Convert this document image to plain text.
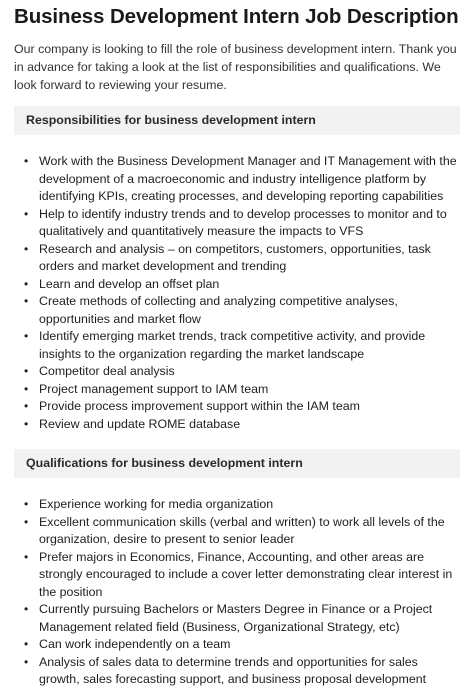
Business Development Intern Job Description

Our company is looking to fill the role of business development intern. Thank you in advance for taking a look at the list of responsibilities and qualifications. We look forward to reviewing your resume.

Responsibilities for business development intern
• Work with the Business Development Manager and IT Management with the development of a macroeconomic and industry intelligence platform by identifying KPIs, creating processes, and developing reporting capabilities
• Help to identify industry trends and to develop processes to monitor and to qualitatively and quantitatively measure the impacts to VFS
• Research and analysis – on competitors, customers, opportunities, task orders and market development and trending
• Learn and develop an offset plan
• Create methods of collecting and analyzing competitive analyses, opportunities and market flow
• Identify emerging market trends, track competitive activity, and provide insights to the organization regarding the market landscape
• Competitor deal analysis
• Project management support to IAM team
• Provide process improvement support within the IAM team
• Review and update ROME database
Qualifications for business development intern
• Experience working for media organization
• Excellent communication skills (verbal and written) to work all levels of the organization, desire to present to senior leader
• Prefer majors in Economics, Finance, Accounting, and other areas are strongly encouraged to include a cover letter demonstrating clear interest in the position
• Currently pursuing Bachelors or Masters Degree in Finance or a Project Management related field (Business, Organizational Strategy, etc)
• Can work independently on a team
• Analysis of sales data to determine trends and opportunities for sales growth, sales forecasting support, and business proposal development
